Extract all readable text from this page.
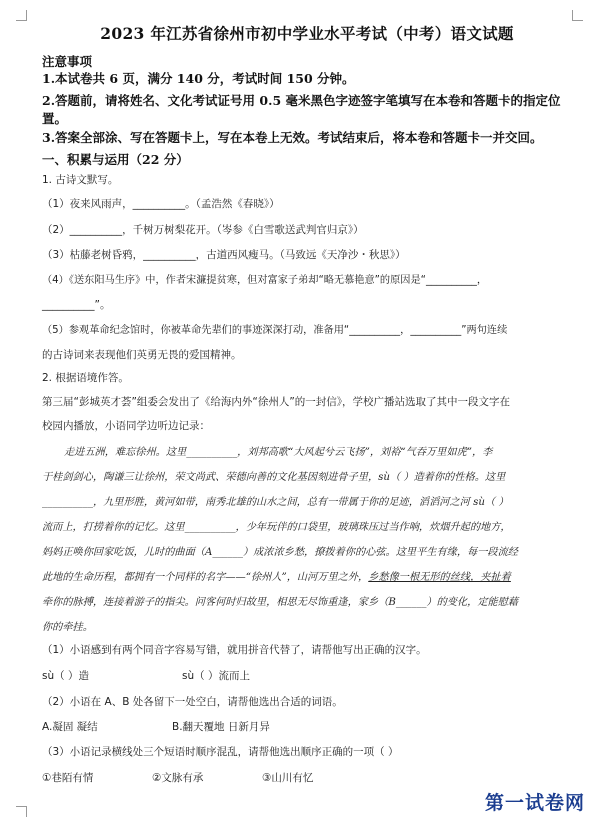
2023 年江苏省徐州市初中学业水平考试（中考）语文试题
注意事项
1.本试卷共 6 页，满分 140 分，考试时间 150 分钟。
2.答题前，请将姓名、文化考试证号用 0.5 毫米黑色字迹签字笔填写在本卷和答题卡的指定位
置。
3.答案全部涂、写在答题卡上，写在本卷上无效。考试结束后，将本卷和答题卡一并交回。
一、积累与运用（22 分）
1. 古诗文默写。
（1）夜来风雨声，__________。（孟浩然《春晓》）
（2）__________，千树万树梨花开。（岑参《白雪歌送武判官归京》）
（3）枯藤老树昏鸦，__________，古道西风瘦马。（马致远《天净沙・秋思》）
（4）《送东阳马生序》中，作者宋濂提贫寒，但对富家子弟却“略无慕艳意”的原因是“__________，
__________”。
（5）参观革命纪念馆时，你被革命先辈们的事迹深深打动，准备用“__________，__________”两句连续
的古诗词来表现他们英勇无畏的爱国精神。
2. 根据语境作答。
第三届“彭城英才荟”组委会发出了《给海内外“徐州人”的一封信》，学校广播站选取了其中一段文字在
校园内播放，小语同学边听边记录：
走进五洲，难忘徐州。这里__________，刘邦高歌“大风起兮云飞扬”，刘裕“气吞万里如虎”，李
于桂剑剑心，陶谦三让徐州，荣文尚武、荣德向善的文化基因刻进骨子里，sù（ ）造着你的性格。这里
__________，九里形胜，黄河如带，南秀北雄的山水之间，总有一带属于你的足迹，滔滔河之河 sù（ ）
流而上，打捞着你的记忆。这里__________，少年玩伴的口袋里，玻璃珠压过当作响，炊烟升起的地方，
妈妈正唤你回家吃饭，儿时的曲面（A______）成浓浓乡愁，撩拨着你的心弦。这里平生有缘，每一段流经
此地的生命历程，都拥有一个同样的名字——“徐州人”，山河万里之外，乡愁像一根无形的丝线，夹扯着
牵你的脉搏，连接着游子的指尖。问客何时归故里，相思无尽饰重逢，家乡（B______）的变化，定能慰藉
你的牵挂。
（1）小语感到有两个同音字容易写错，就用拼音代替了，请帮他写出正确的汉字。
sù（ ）造	sù（ ）流而上
（2）小语在 A、B 处各留下一处空白，请帮他选出合适的词语。
A.凝固 凝结	B.翻天覆地 日新月异
（3）小语记录横线处三个短语时顺序混乱，请帮他选出顺序正确的一项（ ）
①巷陌有情	②文脉有承	③山川有忆
第一试卷网
